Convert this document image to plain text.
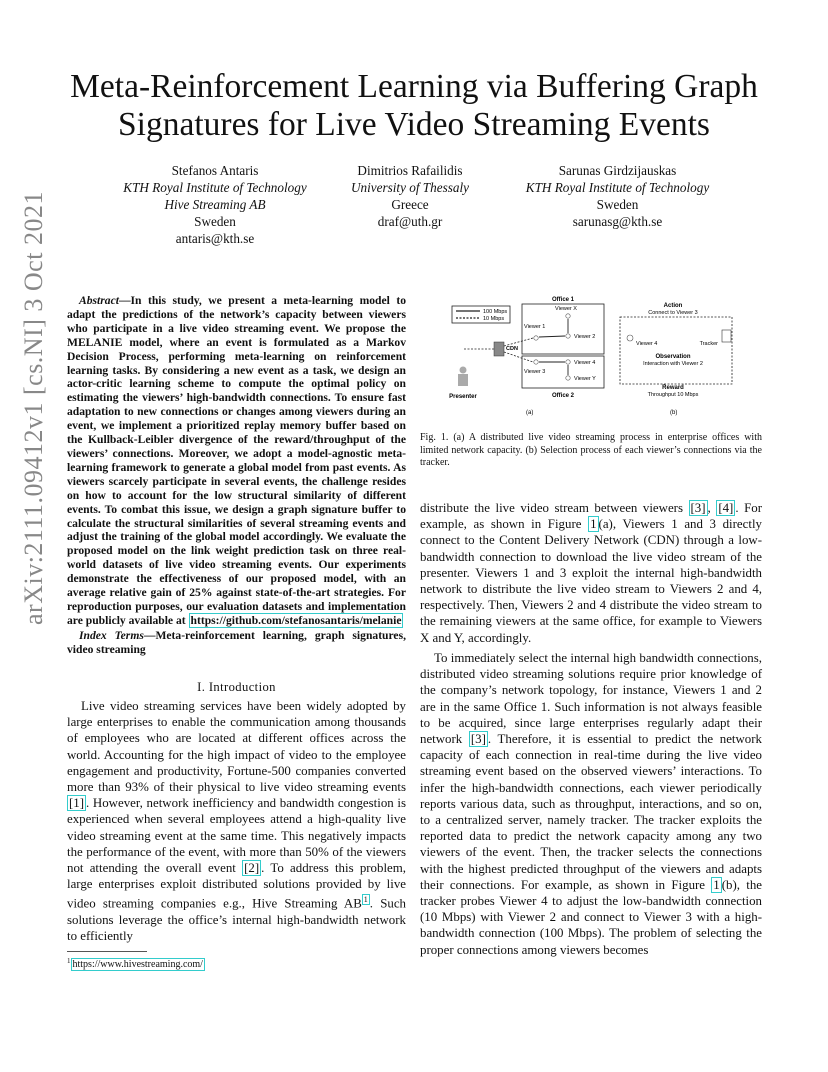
Meta-Reinforcement Learning via Buffering Graph Signatures for Live Video Streaming Events
arXiv:2111.09412v1 [cs.NI] 3 Oct 2021
Stefanos Antaris
KTH Royal Institute of Technology
Hive Streaming AB
Sweden
antaris@kth.se
Dimitrios Rafailidis
University of Thessaly
Greece
draf@uth.gr
Sarunas Girdzijauskas
KTH Royal Institute of Technology
Sweden
sarunasg@kth.se
Abstract—In this study, we present a meta-learning model to adapt the predictions of the network’s capacity between viewers who participate in a live video streaming event. We propose the MELANIE model, where an event is formulated as a Markov Decision Process, performing meta-learning on reinforcement learning tasks. By considering a new event as a task, we design an actor-critic learning scheme to compute the optimal policy on estimating the viewers’ high-bandwidth connections. To ensure fast adaptation to new connections or changes among viewers during an event, we implement a prioritized replay memory buffer based on the Kullback-Leibler divergence of the reward/throughput of the viewers’ connections. Moreover, we adopt a model-agnostic meta-learning framework to generate a global model from past events. As viewers scarcely participate in several events, the challenge resides on how to account for the low structural similarity of different events. To combat this issue, we design a graph signature buffer to calculate the structural similarities of several streaming events and adjust the training of the global model accordingly. We evaluate the proposed model on the link weight prediction task on three real-world datasets of live video streaming events. Our experiments demonstrate the effectiveness of our proposed model, with an average relative gain of 25% against state-of-the-art strategies. For reproduction purposes, our evaluation datasets and implementation are publicly available at https://github.com/stefanosantaris/melanie
Index Terms—Meta-reinforcement learning, graph signatures, video streaming
I. Introduction
Live video streaming services have been widely adopted by large enterprises to enable the communication among thousands of employees who are located at different offices across the world. Accounting for the high impact of video to the employee engagement and productivity, Fortune-500 companies converted more than 93% of their physical to live video streaming events [1] . However, network inefficiency and bandwidth congestion is experienced when several employees attend a high-quality live video streaming event at the same time. This negatively impacts the performance of the event, with more than 50% of the viewers not attending the overall event [2] . To address this problem, large enterprises exploit distributed solutions provided by live video streaming companies e.g., Hive Streaming AB $^1$ . Such solutions leverage the office’s internal high-bandwidth network to efficiently
$^1$ https://www.hivestreaming.com/
100 Mbps
10 Mbps
Office 1
Office 2
Viewer X
Viewer 1
Viewer 2
Viewer 4
Viewer 3
Viewer Y
CDN
Presenter
(a)
Action
Connect to Viewer 3
Viewer 4	Tracker
Observation
Interaction with Viewer 2
Reward
Throughput 10 Mbps
(b)
Fig. 1. (a) A distributed live video streaming process in enterprise offices with limited network capacity. (b) Selection process of each viewer’s connections via the tracker.
distribute the live video stream between viewers [3] , [4] . For example, as shown in Figure 1 (a), Viewers 1 and 3 directly connect to the Content Delivery Network (CDN) through a low-bandwidth connection to download the live video stream of the presenter. Viewers 1 and 3 exploit the internal high-bandwidth network to distribute the live video stream to Viewers 2 and 4, respectively. Then, Viewers 2 and 4 distribute the video stream to the remaining viewers at the same office, for example to Viewers X and Y, accordingly.
To immediately select the internal high bandwidth connections, distributed video streaming solutions require prior knowledge of the company’s network topology, for instance, Viewers 1 and 2 are in the same Office 1. Such information is not always feasible to be acquired, since large enterprises regularly adapt their network [3] . Therefore, it is essential to predict the network capacity of each connection in real-time during the live video streaming event based on the observed viewers’ interactions. To infer the high-bandwidth connections, each viewer periodically reports various data, such as throughput, interactions, and so on, to a centralized server, namely tracker. The tracker exploits the reported data to predict the network capacity among any two viewers of the event. Then, the tracker selects the connections with the highest predicted throughput of the viewers and adapts their connections. For example, as shown in Figure 1 (b), the tracker probes Viewer 4 to adjust the low-bandwidth connection (10 Mbps) with Viewer 2 and connect to Viewer 3 with a high-bandwidth connection (100 Mbps). The problem of selecting the proper connections among viewers becomes
